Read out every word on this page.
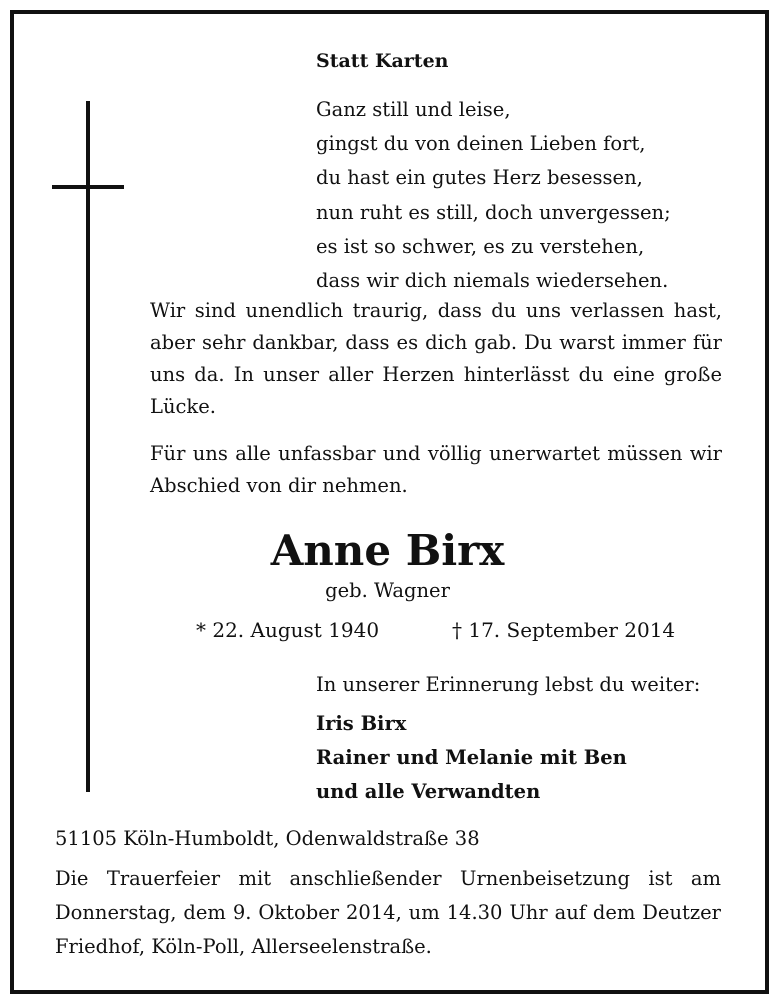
Statt Karten
Ganz still und leise,
gingst du von deinen Lieben fort,
du hast ein gutes Herz besessen,
nun ruht es still, doch unvergessen;
es ist so schwer, es zu verstehen,
dass wir dich niemals wiedersehen.

Wir sind unendlich traurig, dass du uns verlassen hast, aber sehr dankbar, dass es dich gab. Du warst immer für uns da. In unser aller Herzen hinterlässt du eine große Lücke.

Für uns alle unfassbar und völlig unerwartet müssen wir Abschied von dir nehmen.

Anne Birx
geb. Wagner
* 22. August 1940	† 17. September 2014
In unserer Erinnerung lebst du weiter:
Iris Birx
Rainer und Melanie mit Ben
und alle Verwandten
51105 Köln-Humboldt, Odenwaldstraße 38

Die Trauerfeier mit anschließender Urnenbeisetzung ist am Donnerstag, dem 9. Oktober 2014, um 14.30 Uhr auf dem Deutzer Friedhof, Köln-Poll, Allerseelenstraße.
